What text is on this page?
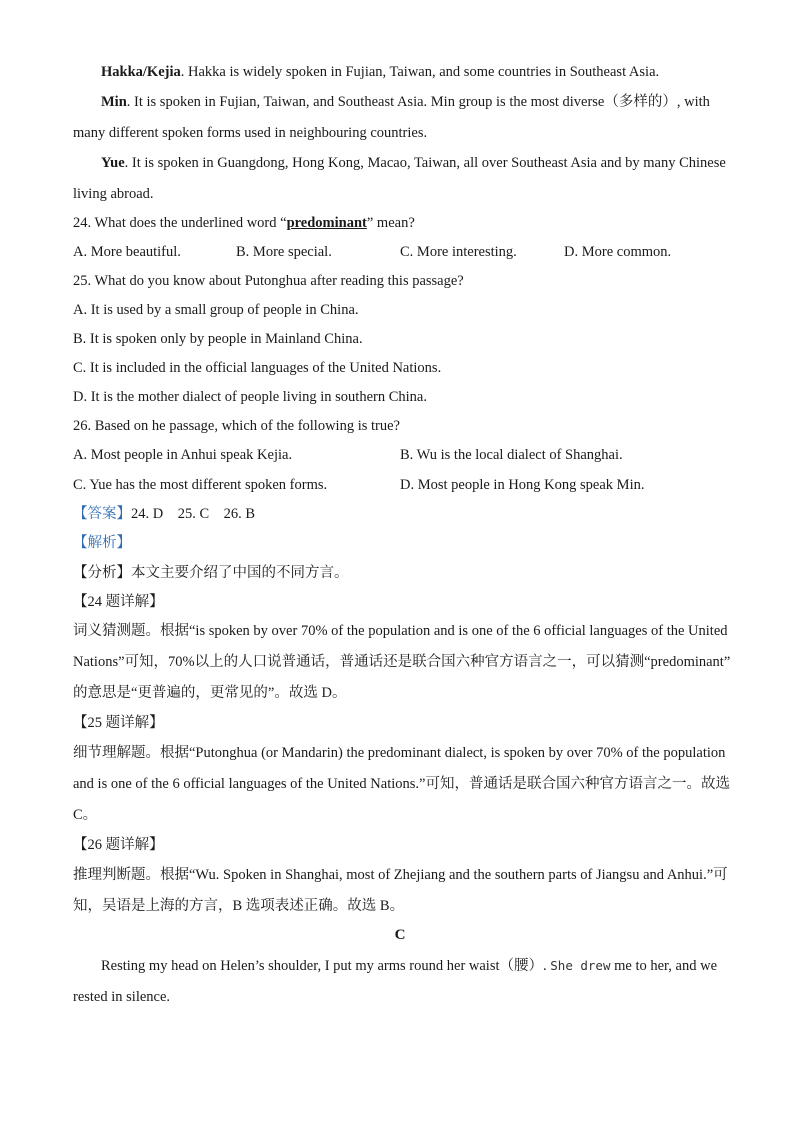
Hakka/Kejia. Hakka is widely spoken in Fujian, Taiwan, and some countries in Southeast Asia.
Min. It is spoken in Fujian, Taiwan, and Southeast Asia. Min group is the most diverse（多样的）, with
many different spoken forms used in neighbouring countries.
Yue. It is spoken in Guangdong, Hong Kong, Macao, Taiwan, all over Southeast Asia and by many Chinese
living abroad.
24. What does the underlined word “predominant” mean?
A. More beautiful.	B. More special.	C. More interesting.	D. More common.
25. What do you know about Putonghua after reading this passage?
A. It is used by a small group of people in China.
B. It is spoken only by people in Mainland China.
C. It is included in the official languages of the United Nations.
D. It is the mother dialect of people living in southern China.
26. Based on he passage, which of the following is true?
A. Most people in Anhui speak Kejia.	B. Wu is the local dialect of Shanghai.
C. Yue has the most different spoken forms.	D. Most people in Hong Kong speak Min.
【答案】24. D    25. C    26. B
【解析】
【分析】本文主要介绍了中国的不同方言。
【24 题详解】
词义猜测题。根据“is spoken by over 70% of the population and is one of the 6 official languages of the United
Nations”可知，70%以上的人口说普通话，普通话还是联合国六种官方语言之一，可以猜测“predominant”
的意思是“更普遍的，更常见的”。故选 D。
【25 题详解】
细节理解题。根据“Putonghua (or Mandarin) the predominant dialect, is spoken by over 70% of the population
and is one of the 6 official languages of the United Nations.”可知，普通话是联合国六种官方语言之一。故选
C。
【26 题详解】
推理判断题。根据“Wu. Spoken in Shanghai, most of Zhejiang and the southern parts of Jiangsu and Anhui.”可
知，吴语是上海的方言，B 选项表述正确。故选 B。
C
Resting my head on Helen’s shoulder, I put my arms round her waist（腰）. She drew me to her, and we
rested in silence.
